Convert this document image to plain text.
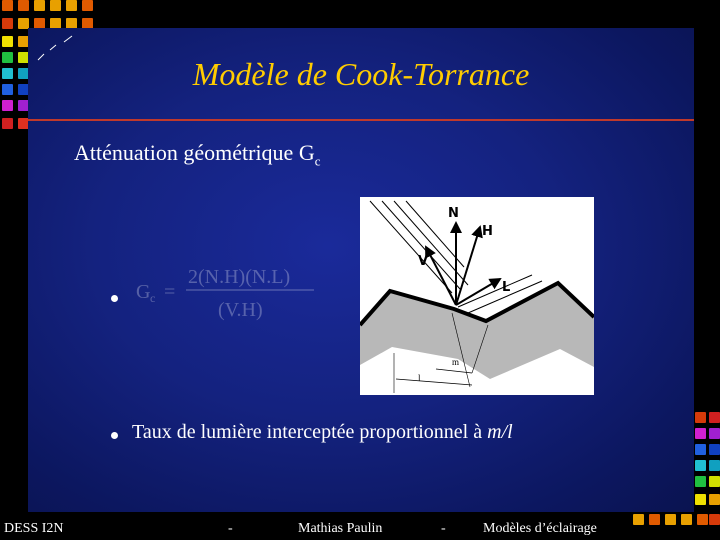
Modèle de Cook-Torrance
Atténuation géométrique $G_c$
G c =
2(N.H)(N.L)
(V.H)
N
H
V
L
m
l
Taux de lumière interceptée proportionnel à m/l
DESS I2N	-	Mathias Paulin	-	Modèles d’éclairage
